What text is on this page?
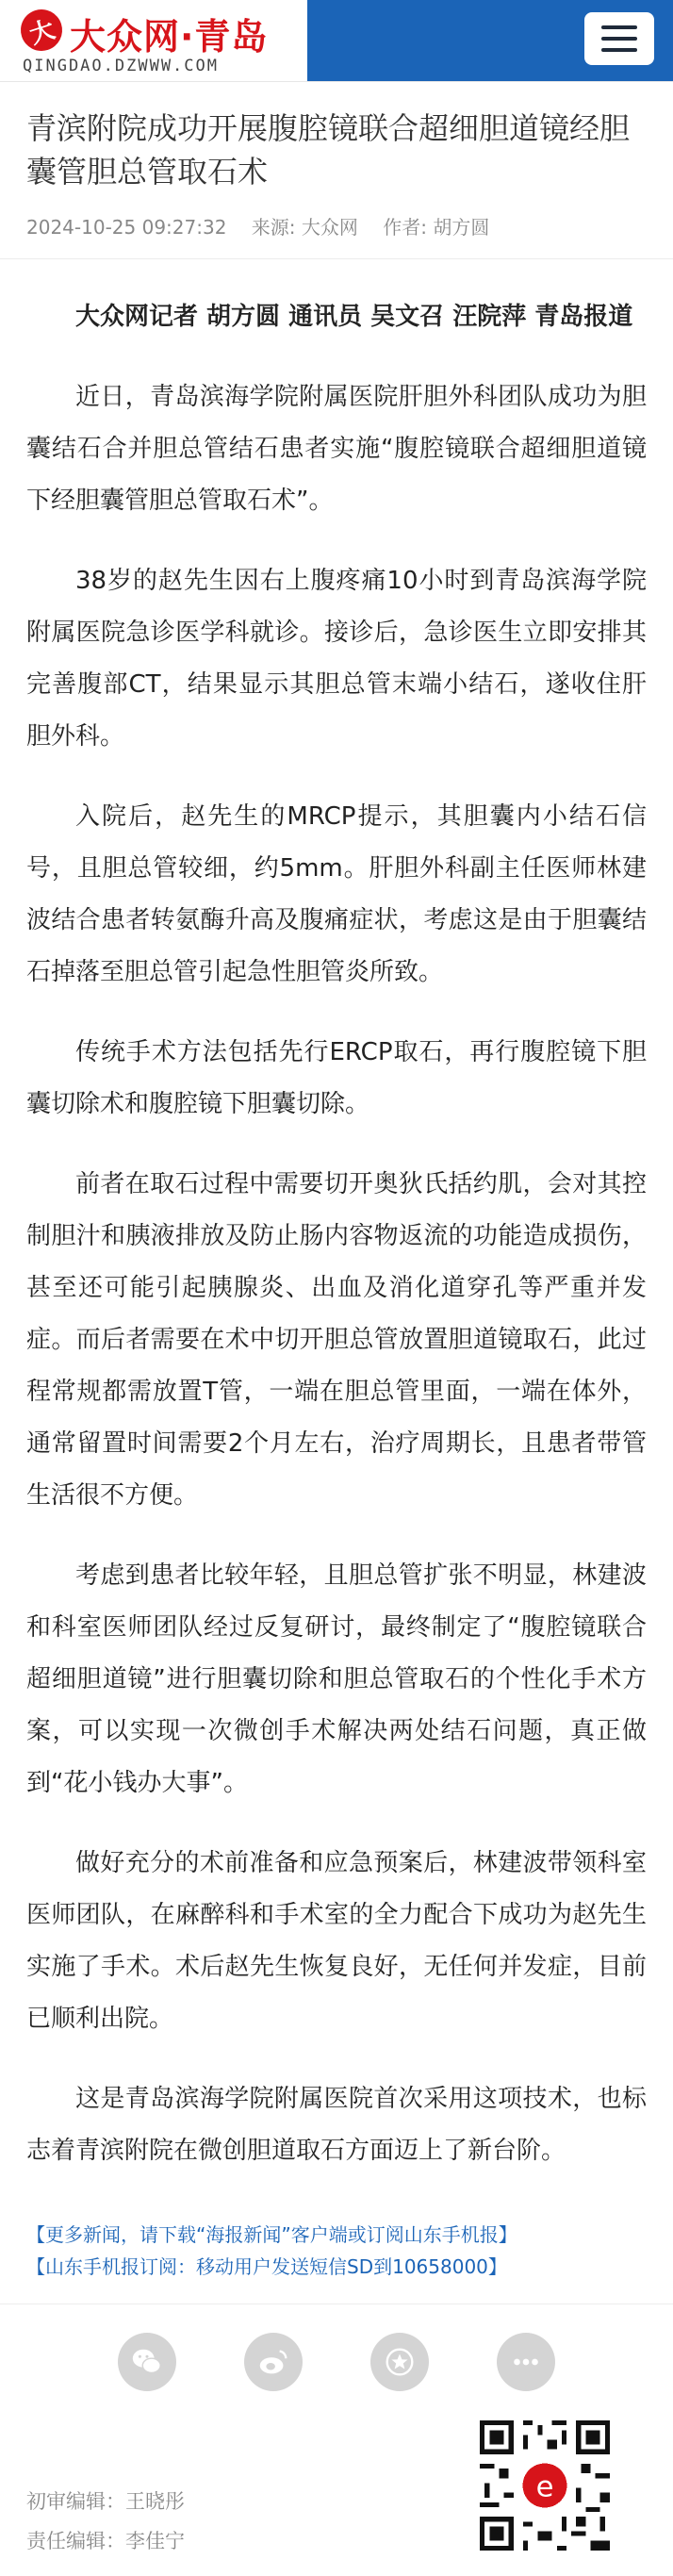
大 大众网·青岛
QINGDAO.DZWWW.COM
青滨附院成功开展腹腔镜联合超细胆道镜经胆囊管胆总管取石术
2024-10-25 09:27:32 来源: 大众网 作者: 胡方圆

大众网记者 胡方圆 通讯员 吴文召 汪院萍 青岛报道

近日，青岛滨海学院附属医院肝胆外科团队成功为胆囊结石合并胆总管结石患者实施“腹腔镜联合超细胆道镜下经胆囊管胆总管取石术”。

38岁的赵先生因右上腹疼痛10小时到青岛滨海学院附属医院急诊医学科就诊。接诊后，急诊医生立即安排其完善腹部CT，结果显示其胆总管末端小结石，遂收住肝胆外科。

入院后，赵先生的MRCP提示，其胆囊内小结石信号，且胆总管较细，约5mm。肝胆外科副主任医师林建波结合患者转氨酶升高及腹痛症状，考虑这是由于胆囊结石掉落至胆总管引起急性胆管炎所致。

传统手术方法包括先行ERCP取石，再行腹腔镜下胆囊切除术和腹腔镜下胆囊切除。

前者在取石过程中需要切开奥狄氏括约肌，会对其控制胆汁和胰液排放及防止肠内容物返流的功能造成损伤，甚至还可能引起胰腺炎、出血及消化道穿孔等严重并发症。而后者需要在术中切开胆总管放置胆道镜取石，此过程常规都需放置T管，一端在胆总管里面，一端在体外，通常留置时间需要2个月左右，治疗周期长，且患者带管生活很不方便。

考虑到患者比较年轻，且胆总管扩张不明显，林建波和科室医师团队经过反复研讨，最终制定了“腹腔镜联合超细胆道镜”进行胆囊切除和胆总管取石的个性化手术方案，可以实现一次微创手术解决两处结石问题，真正做到“花小钱办大事”。

做好充分的术前准备和应急预案后，林建波带领科室医师团队，在麻醉科和手术室的全力配合下成功为赵先生实施了手术。术后赵先生恢复良好，无任何并发症，目前已顺利出院。

这是青岛滨海学院附属医院首次采用这项技术，也标志着青滨附院在微创胆道取石方面迈上了新台阶。

【更多新闻，请下载“海报新闻”客户端或订阅山东手机报】
【山东手机报订阅：移动用户发送短信SD到10658000】
初审编辑：王晓彤
责任编辑：李佳宁
e
